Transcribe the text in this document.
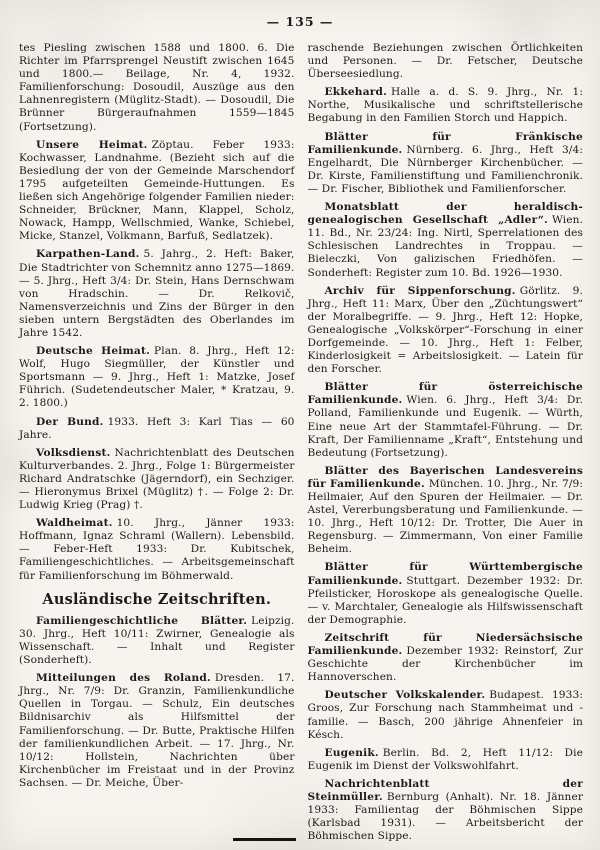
— 135 —

tes Piesling zwischen 1588 und 1800. 6. Die Richter im Pfarrsprengel Neustift zwischen 1645 und 1800.— Beilage, Nr. 4, 1932. Familienforschung: Dosoudil, Auszüge aus den Lahnenregistern (Müglitz-Stadt). — Dosoudil, Die Brünner Bürgeraufnahmen 1559—1845 (Fortsetzung).

Unsere Heimat. Zöptau. Feber 1933: Kochwasser, Landnahme. (Bezieht sich auf die Besiedlung der von der Gemeinde Marschendorf 1795 aufgeteilten Gemeinde-Huttungen. Es ließen sich Angehörige folgender Familien nieder: Schneider, Brückner, Mann, Klappel, Scholz, Nowack, Hampp, Wellschmied, Wanke, Schiebel, Micke, Stanzel, Volkmann, Barfuß, Sedlatzek).

Karpathen-Land. 5. Jahrg., 2. Heft: Baker, Die Stadtrichter von Schemnitz anno 1275—1869. — 5. Jhrg., Heft 3/4: Dr. Stein, Hans Dernschwam von Hradschin. — Dr. Relkovič, Namensverzeichnis und Zins der Bürger in den sieben untern Bergstädten des Oberlandes im Jahre 1542.

Deutsche Heimat. Plan. 8. Jhrg., Heft 12: Wolf, Hugo Siegmüller, der Künstler und Sportsmann — 9. Jhrg., Heft 1: Matzke, Josef Führich. (Sudetendeutscher Maler, * Kratzau, 9. 2. 1800.)

Der Bund. 1933. Heft 3: Karl Tias — 60 Jahre.

Volksdienst. Nachrichtenblatt des Deutschen Kulturverbandes. 2. Jhrg., Folge 1: Bürgermeister Richard Andratschke (Jägerndorf), ein Sechziger. — Hieronymus Brixel (Müglitz) †. — Folge 2: Dr. Ludwig Krieg (Prag) †.

Waldheimat. 10. Jhrg., Jänner 1933: Hoffmann, Ignaz Schraml (Wallern). Lebensbild. — Feber-Heft 1933: Dr. Kubitschek, Familiengeschichtliches. — Arbeitsgemeinschaft für Familienforschung im Böhmerwald.

Ausländische Zeitschriften.

Familiengeschichtliche Blätter. Leipzig. 30. Jhrg., Heft 10/11: Zwirner, Genealogie als Wissenschaft. — Inhalt und Register (Sonderheft).

Mitteilungen des Roland. Dresden. 17. Jhrg., Nr. 7/9: Dr. Granzin, Familienkundliche Quellen in Torgau. — Schulz, Ein deutsches Bildnisarchiv als Hilfsmittel der Familienforschung. — Dr. Butte, Praktische Hilfen der familienkundlichen Arbeit. — 17. Jhrg., Nr. 10/12: Hollstein, Nachrichten über Kirchenbücher im Freistaat und in der Provinz Sachsen. — Dr. Meiche, Über-

raschende Beziehungen zwischen Örtlichkeiten und Personen. — Dr. Fetscher, Deutsche Überseesiedlung.

Ekkehard. Halle a. d. S. 9. Jhrg., Nr. 1: Northe, Musikalische und schriftstellerische Begabung in den Familien Storch und Happich.

Blätter für Fränkische Familienkunde. Nürnberg. 6. Jhrg., Heft 3/4: Engelhardt, Die Nürnberger Kirchenbücher. — Dr. Kirste, Familienstiftung und Familienchronik. — Dr. Fischer, Bibliothek und Familienforscher.

Monatsblatt der heraldisch-genealogischen Gesellschaft „Adler“. Wien. 11. Bd., Nr. 23/24: Ing. Nirtl, Sperrelationen des Schlesischen Landrechtes in Troppau. — Bieleczki, Von galizischen Friedhöfen. — Sonderheft: Register zum 10. Bd. 1926—1930.

Archiv für Sippenforschung. Görlitz. 9. Jhrg., Heft 11: Marx, Über den „Züchtungswert“ der Moralbegriffe. — 9. Jhrg., Heft 12: Hopke, Genealogische „Volkskörper“-Forschung in einer Dorfgemeinde. — 10. Jhrg., Heft 1: Felber, Kinderlosigkeit = Arbeitslosigkeit. — Latein für den Forscher.

Blätter für österreichische Familienkunde. Wien. 6. Jhrg., Heft 3/4: Dr. Polland, Familienkunde und Eugenik. — Würth, Eine neue Art der Stammtafel-Führung. — Dr. Kraft, Der Familienname „Kraft“, Entstehung und Bedeutung (Fortsetzung).

Blätter des Bayerischen Landesvereins für Familienkunde. München. 10. Jhrg., Nr. 7/9: Heilmaier, Auf den Spuren der Heilmaier. — Dr. Astel, Vererbungsberatung und Familienkunde. — 10. Jhrg., Heft 10/12: Dr. Trotter, Die Auer in Regensburg. — Zimmermann, Von einer Familie Beheim.

Blätter für Württembergische Familienkunde. Stuttgart. Dezember 1932: Dr. Pfeilsticker, Horoskope als genealogische Quelle. — v. Marchtaler, Genealogie als Hilfswissenschaft der Demographie.

Zeitschrift für Niedersächsische Familienkunde. Dezember 1932: Reinstorf, Zur Geschichte der Kirchenbücher im Hannoverschen.

Deutscher Volkskalender. Budapest. 1933: Groos, Zur Forschung nach Stammheimat und -familie. — Basch, 200 jährige Ahnenfeier in Késch.

Eugenik. Berlin. Bd. 2, Heft 11/12: Die Eugenik im Dienst der Volkswohlfahrt.

Nachrichtenblatt der Steinmüller. Bernburg (Anhalt). Nr. 18. Jänner 1933: Familientag der Böhmischen Sippe (Karlsbad 1931). — Arbeitsbericht der Böhmischen Sippe.
